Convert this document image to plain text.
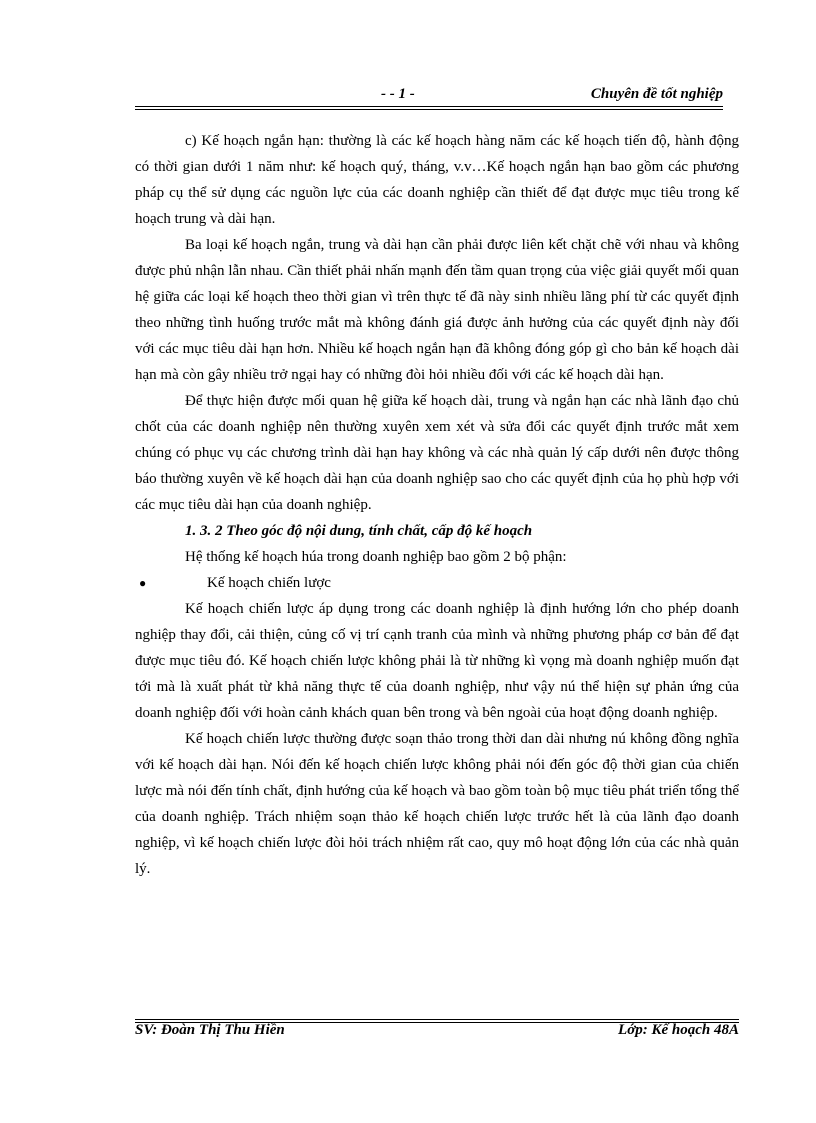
- - 1 -	Chuyên đề tốt nghiệp

c) Kế hoạch ngắn hạn: thường là các kế hoạch hàng năm các kế hoạch tiến độ, hành động có thời gian dưới 1 năm như: kế hoạch quý, tháng, v.v…Kế hoạch ngắn hạn bao gồm các phương pháp cụ thể sử dụng các nguồn lực của các doanh nghiệp cần thiết để đạt được mục tiêu trong kế hoạch trung và dài hạn.

Ba loại kế hoạch ngắn, trung và dài hạn cần phải được liên kết chặt chẽ với nhau và không được phủ nhận lẫn nhau. Cần thiết phải nhấn mạnh đến tầm quan trọng của việc giải quyết mối quan hệ giữa các loại kế hoạch theo thời gian vì trên thực tế đã này sinh nhiều lãng phí từ các quyết định theo những tình huống trước mắt mà không đánh giá được ảnh hưởng của các quyết định này đối với các mục tiêu dài hạn hơn. Nhiều kế hoạch ngắn hạn đã không đóng góp gì cho bản kế hoạch dài hạn mà còn gây nhiều trở ngại hay có những đòi hỏi nhiều đối với các kế hoạch dài hạn.

Để thực hiện được mối quan hệ giữa kế hoạch dài, trung và ngắn hạn các nhà lãnh đạo chủ chốt của các doanh nghiệp nên thường xuyên xem xét và sửa đổi các quyết định trước mắt xem chúng có phục vụ các chương trình dài hạn hay không và các nhà quản lý cấp dưới nên được thông báo thường xuyên về kế hoạch dài hạn của doanh nghiệp sao cho các quyết định của họ phù hợp với các mục tiêu dài hạn của doanh nghiệp.

1. 3. 2 Theo góc độ nội dung, tính chất, cấp độ kế hoạch

Hệ thống kế hoạch húa trong doanh nghiệp bao gồm 2 bộ phận:

●	Kế hoạch chiến lược

Kế hoạch chiến lược áp dụng trong các doanh nghiệp là định hướng lớn cho phép doanh nghiệp thay đổi, cải thiện, củng cố vị trí cạnh tranh của mình và những phương pháp cơ bản để đạt được mục tiêu đó. Kế hoạch chiến lược không phải là từ những kì vọng mà doanh nghiệp muốn đạt tới mà là xuất phát từ khả năng thực tế của doanh nghiệp, như vậy nú thể hiện sự phản ứng của doanh nghiệp đối với hoàn cảnh khách quan bên trong và bên ngoài của hoạt động doanh nghiệp.

Kế hoạch chiến lược thường được soạn thảo trong thời dan dài nhưng nú không đồng nghĩa với kế hoạch dài hạn. Nói đến kế hoạch chiến lược không phải nói đến góc độ thời gian của chiến lược mà nói đến tính chất, định hướng của kế hoạch và bao gồm toàn bộ mục tiêu phát triển tổng thể của doanh nghiệp. Trách nhiệm soạn thảo kế hoạch chiến lược trước hết là của lãnh đạo doanh nghiệp, vì kế hoạch chiến lược đòi hỏi trách nhiệm rất cao, quy mô hoạt động lớn của các nhà quản lý.

SV: Đoàn Thị Thu Hiền	Lớp: Kế hoạch 48A
